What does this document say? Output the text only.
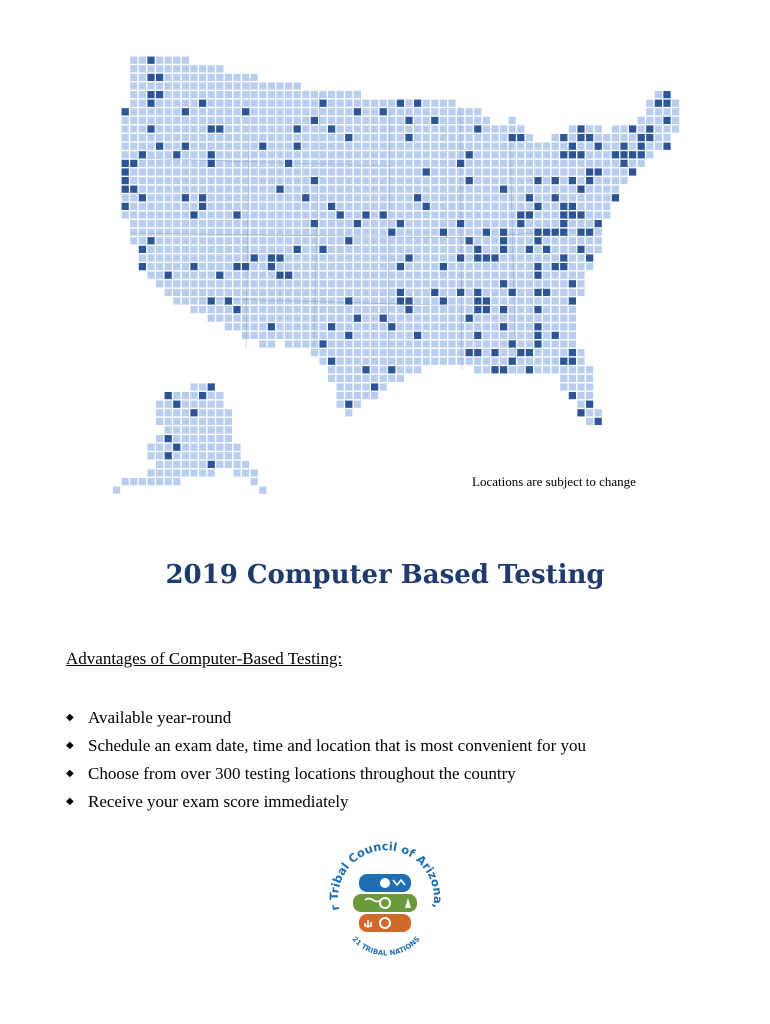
Locations are subject to change
2019 Computer Based Testing
Advantages of Computer-Based Testing:
◆ Available year-round
◆ Schedule an exam date, time and location that is most convenient for you
◆ Choose from over 300 testing locations throughout the country
◆ Receive your exam score immediately
r Tribal Council of Arizona,
21 TRIBAL NATIONS
